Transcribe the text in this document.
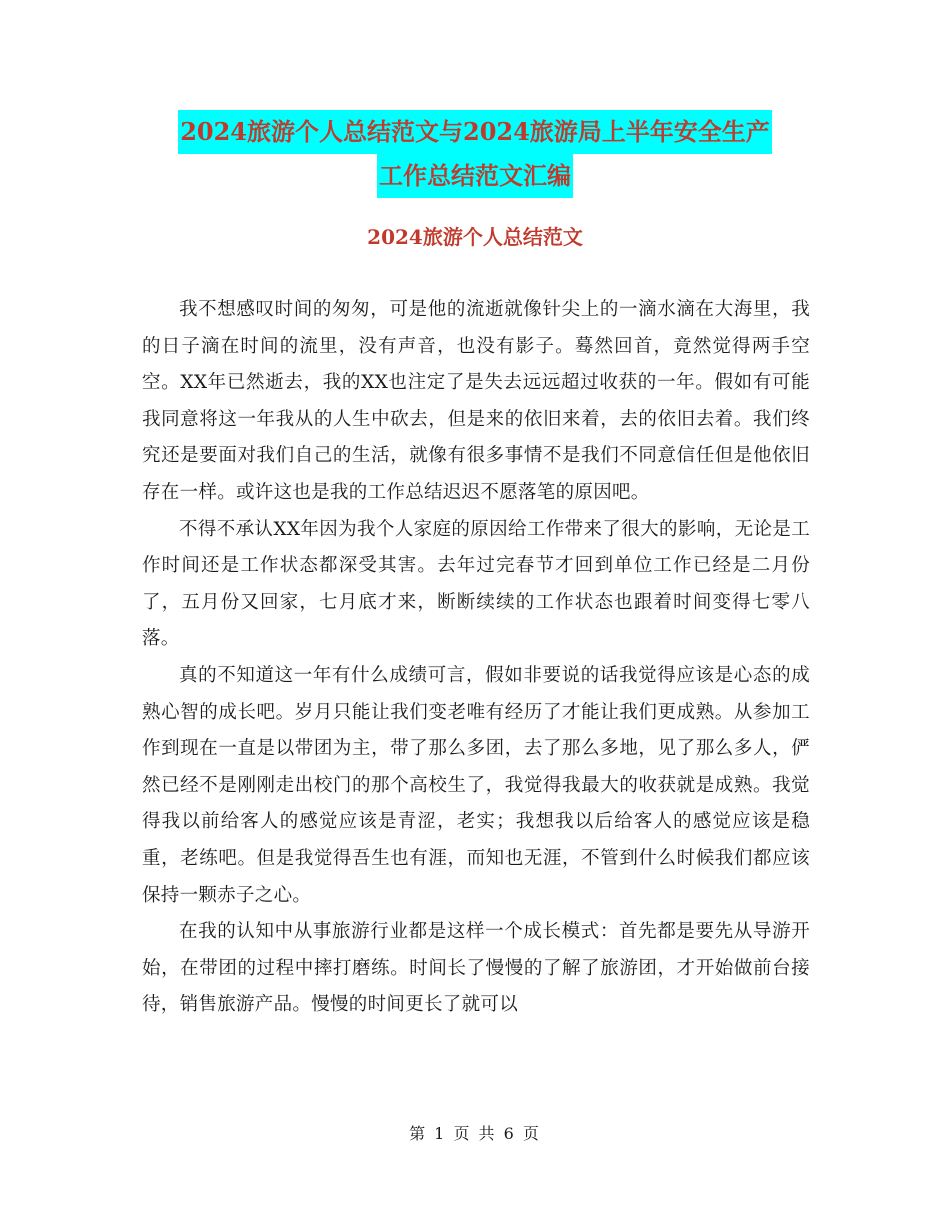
2024旅游个人总结范文与2024旅游局上半年安全生产
工作总结范文汇编
2024旅游个人总结范文

我不想感叹时间的匆匆，可是他的流逝就像针尖上的一滴水滴在大海里，我的日子滴在时间的流里，没有声音，也没有影子。蓦然回首，竟然觉得两手空空。XX年已然逝去，我的XX也注定了是失去远远超过收获的一年。假如有可能我同意将这一年我从的人生中砍去，但是来的依旧来着，去的依旧去着。我们终究还是要面对我们自己的生活，就像有很多事情不是我们不同意信任但是他依旧存在一样。或许这也是我的工作总结迟迟不愿落笔的原因吧。

不得不承认XX年因为我个人家庭的原因给工作带来了很大的影响，无论是工作时间还是工作状态都深受其害。去年过完春节才回到单位工作已经是二月份了，五月份又回家，七月底才来，断断续续的工作状态也跟着时间变得七零八落。

真的不知道这一年有什么成绩可言，假如非要说的话我觉得应该是心态的成熟心智的成长吧。岁月只能让我们变老唯有经历了才能让我们更成熟。从参加工作到现在一直是以带团为主，带了那么多团，去了那么多地，见了那么多人，俨然已经不是刚刚走出校门的那个高校生了，我觉得我最大的收获就是成熟。我觉得我以前给客人的感觉应该是青涩，老实；我想我以后给客人的感觉应该是稳重，老练吧。但是我觉得吾生也有涯，而知也无涯，不管到什么时候我们都应该保持一颗赤子之心。

在我的认知中从事旅游行业都是这样一个成长模式：首先都是要先从导游开始，在带团的过程中摔打磨练。时间长了慢慢的了解了旅游团，才开始做前台接待，销售旅游产品。慢慢的时间更长了就可以

第 1 页 共 6 页
